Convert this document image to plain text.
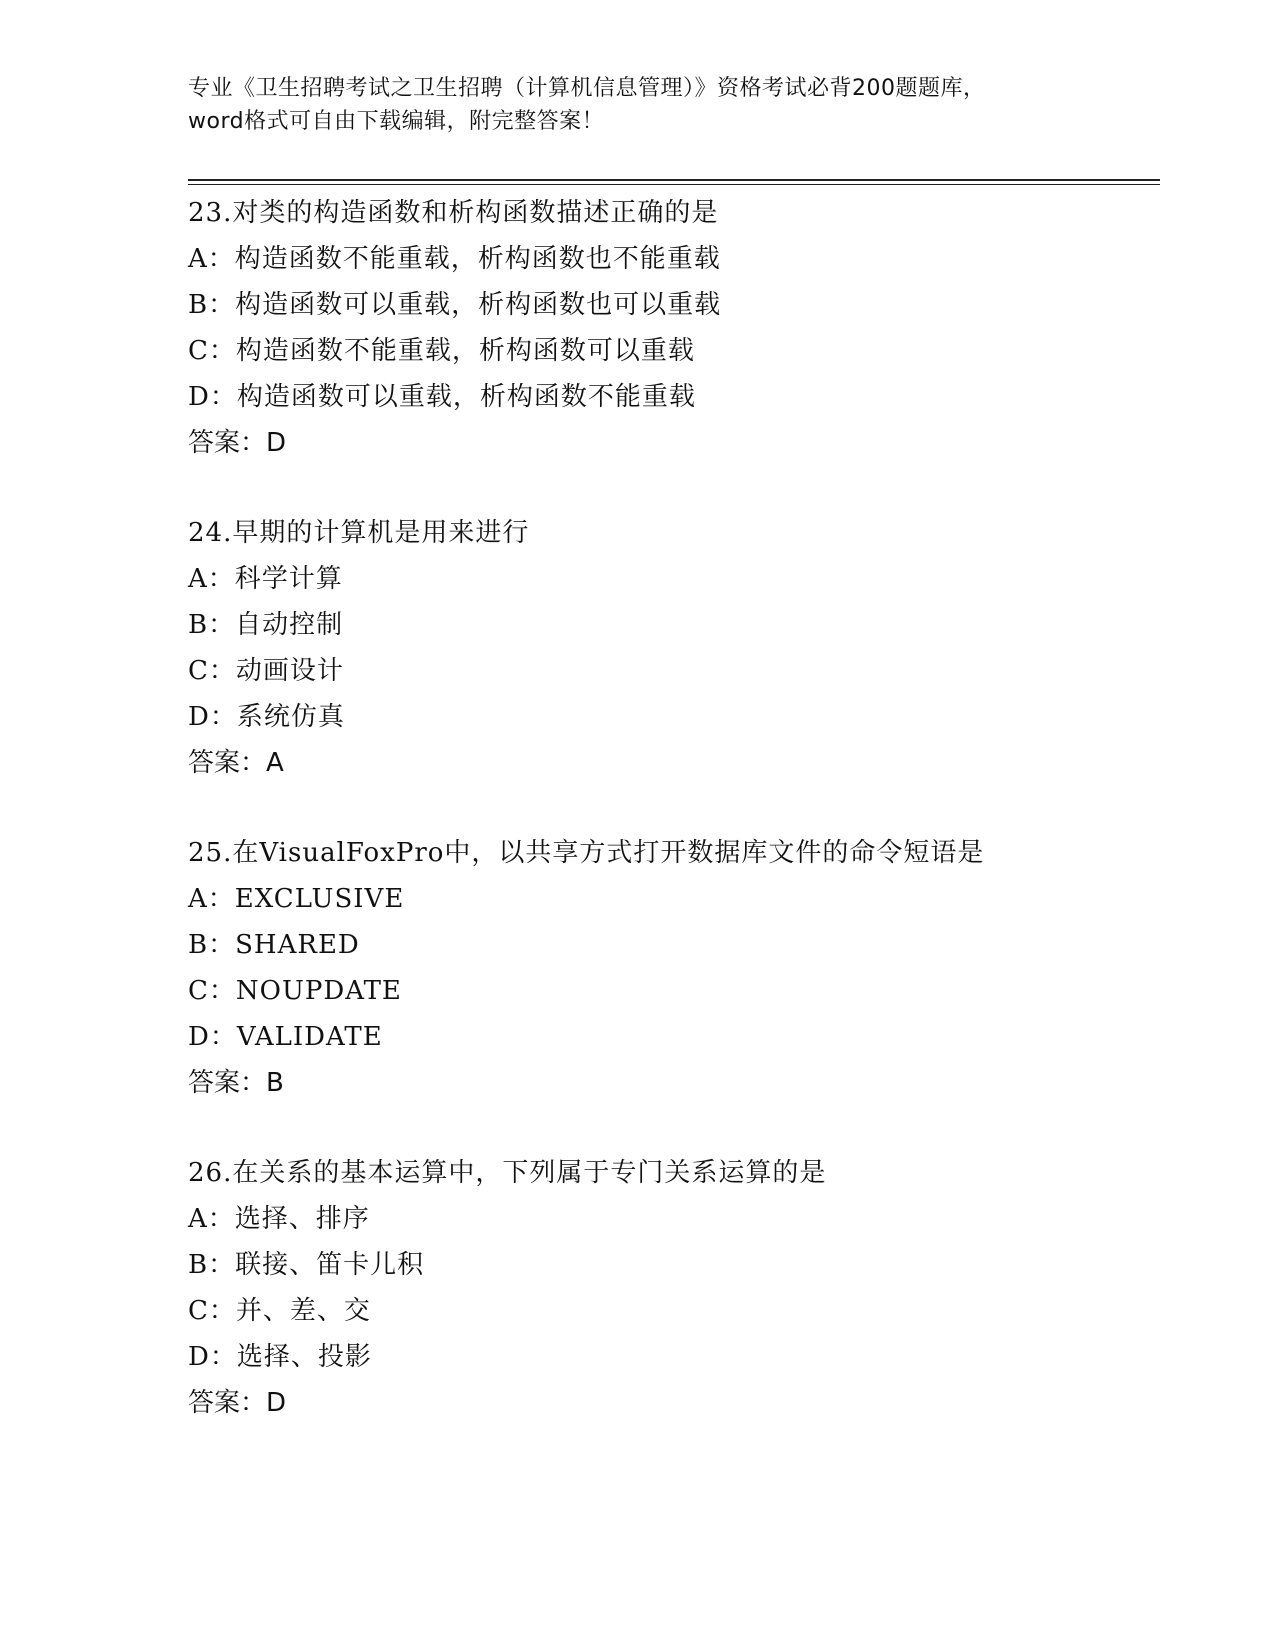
专业《卫生招聘考试之卫生招聘（计算机信息管理）》资格考试必背200题题库，
word格式可自由下载编辑，附完整答案！
23.对类的构造函数和析构函数描述正确的是
A：构造函数不能重载，析构函数也不能重载
B：构造函数可以重载，析构函数也可以重载
C：构造函数不能重载，析构函数可以重载
D：构造函数可以重载，析构函数不能重载
答案：D
24.早期的计算机是用来进行
A：科学计算
B：自动控制
C：动画设计
D：系统仿真
答案：A
25.在VisualFoxPro中，以共享方式打开数据库文件的命令短语是
A：EXCLUSIVE
B：SHARED
C：NOUPDATE
D：VALIDATE
答案：B
26.在关系的基本运算中，下列属于专门关系运算的是
A：选择、排序
B：联接、笛卡儿积
C：并、差、交
D：选择、投影
答案：D
